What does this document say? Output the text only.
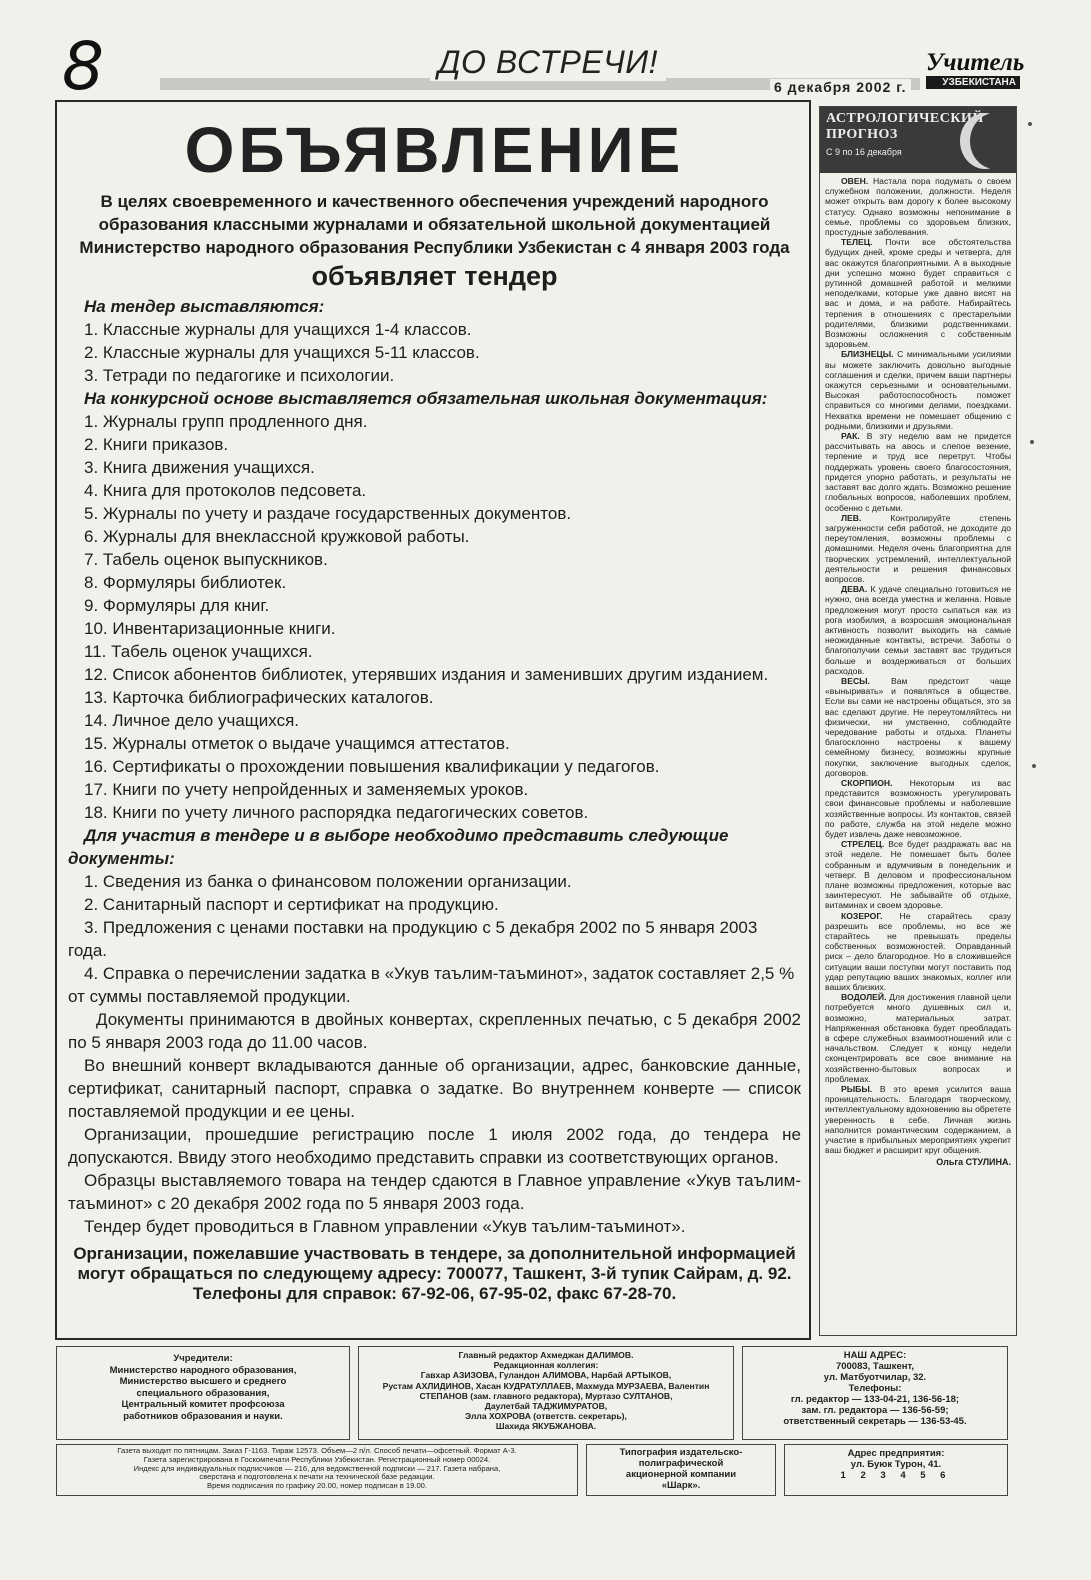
8	ДО ВСТРЕЧИ!
6 декабря 2002 г.
Учитель
УЗБЕКИСТАНА
ОБЪЯВЛЕНИЕ

В целях своевременного и качественного обеспечения учреждений народного

образования классными журналами и обязательной школьной документацией

Министерство народного образования Республики Узбекистан с 4 января 2003 года

объявляет тендер

На тендер выставляются:

1. Классные журналы для учащихся 1-4 классов.

2. Классные журналы для учащихся 5-11 классов.

3. Тетради по педагогике и психологии.

На конкурсной основе выставляется обязательная школьная документация:

1. Журналы групп продленного дня.

2. Книги приказов.

3. Книга движения учащихся.

4. Книга для протоколов педсовета.

5. Журналы по учету и раздаче государственных документов.

6. Журналы для внеклассной кружковой работы.

7. Табель оценок выпускников.

8. Формуляры библиотек.

9. Формуляры для книг.

10. Инвентаризационные книги.

11. Табель оценок учащихся.

12. Список абонентов библиотек, утерявших издания и заменивших другим изданием.

13. Карточка библиографических каталогов.

14. Личное дело учащихся.

15. Журналы отметок о выдаче учащимся аттестатов.

16. Сертификаты о прохождении повышения квалификации у педагогов.

17. Книги по учету непройденных и заменяемых уроков.

18. Книги по учету личного распорядка педагогических советов.

Для участия в тендере и в выборе необходимо представить следующие документы:

1. Сведения из банка о финансовом положении организации.

2. Санитарный паспорт и сертификат на продукцию.

3. Предложения с ценами поставки на продукцию с 5 декабря 2002 по 5 января 2003 года.

4. Справка о перечислении задатка в «Укув таълим-таъминот», задаток составляет 2,5 % от суммы поставляемой продукции.

Документы принимаются в двойных конвертах, скрепленных печатью, с 5 декабря 2002 по 5 января 2003 года до 11.00 часов.

Во внешний конверт вкладываются данные об организации, адрес, банковские данные, сертификат, санитарный паспорт, справка о задатке. Во внутреннем конверте — список поставляемой продукции и ее цены.

Организации, прошедшие регистрацию после 1 июля 2002 года, до тендера не допускаются. Ввиду этого необходимо представить справки из соответствующих органов.

Образцы выставляемого товара на тендер сдаются в Главное управление «Укув таълим-таъминот» с 20 декабря 2002 года по 5 января 2003 года.

Тендер будет проводиться в Главном управлении «Укув таълим-таъминот».

Организации, пожелавшие участвовать в тендере, за дополнительной информацией

могут обращаться по следующему адресу: 700077, Ташкент, 3-й тупик Сайрам, д. 92.

Телефоны для справок: 67-92-06, 67-95-02, факс 67-28-70.

АСТРОЛОГИЧЕСКИЙ
ПРОГНОЗ
С 9 по 16 декабря

ОВЕН. Настала пора подумать о своем служебном положении, должности. Неделя может открыть вам дорогу к более высокому статусу. Однако возможны непонимание в семье, проблемы со здоровьем близких, простудные заболевания.

ТЕЛЕЦ. Почти все обстоятельства будущих дней, кроме среды и четверга, для вас окажутся благоприятными. А в выходные дни успешно можно будет справиться с рутинной домашней работой и мелкими неподелками, которые уже давно висят на вас и дома, и на работе. Набирайтесь терпения в отношениях с престарелыми родителями, близкими родственниками. Возможны осложнения с собственным здоровьем.

БЛИЗНЕЦЫ. С минимальными усилиями вы можете заключить довольно выгодные соглашения и сделки, причем ваши партнеры окажутся серьезными и основательными. Высокая работоспособность поможет справиться со многими делами, поездками. Нехватка времени не помешает общению с родными, близкими и друзьями.

РАК. В эту неделю вам не придется рассчитывать на авось и слепое везение, терпение и труд все перетрут. Чтобы поддержать уровень своего благосостояния, придется упорно работать, и результаты не заставят вас долго ждать. Возможно решение глобальных вопросов, наболевших проблем, особенно с детьми.

ЛЕВ.	Контролируйте степень загруженности себя работой, не доходите до переутомления, возможны проблемы с домашними. Неделя очень благоприятна для творческих устремлений, интеллектуальной деятельности и решения финансовых вопросов.

ДЕВА. К удаче специально готовиться не нужно, она всегда уместна и желанна. Новые предложения могут просто сыпаться как из рога изобилия, а возросшая эмоциональная активность позволит выходить на самые неожиданные контакты, встречи. Заботы о благополучии семьи заставят вас трудиться больше и воздерживаться от больших расходов.

ВЕСЫ. Вам предстоит чаще «выныривать» и появляться в обществе. Если вы сами не настроены общаться, это за вас сделают другие. Не переутомляйтесь ни физически, ни умственно, соблюдайте чередование работы и отдыха. Планеты благосклонно настроены к вашему семейному бизнесу, возможны крупные покупки, заключение выгодных сделок, договоров.

СКОРПИОН. Некоторым из вас представится возможность урегулировать свои финансовые проблемы и наболевшие хозяйственные вопросы. Из контактов, связей по работе, служба на этой неделе можно будет извлечь даже невозможное.

СТРЕЛЕЦ. Все будет раздражать вас на этой неделе. Не помешает быть более собранным и вдумчивым в понедельник и четверг. В деловом и профессиональном плане возможны предложения, которые вас заинтересуют. Не забывайте об отдыхе, витаминах и своем здоровье.

КОЗЕРОГ. Не старайтесь сразу разрешить все проблемы, но все же старайтесь не превышать пределы собственных возможностей. Оправданный риск – дело благородное. Но в сложившейся ситуации ваши поступки могут поставить под удар репутацию ваших знакомых, коллег или ваших близких.

ВОДОЛЕЙ. Для достижения главной цели потребуется много душевных сил и, возможно, материальных затрат. Напряженная обстановка будет преобладать в сфере служебных взаимоотношений или с начальством. Следует к концу недели сконцентрировать все свое внимание на хозяйственно-бытовых вопросах и проблемах.

РЫБЫ. В это время усилится ваша проницательность. Благодаря творческому, интеллектуальному вдохновению вы обретете уверенность в себе. Личная жизнь наполнится романтическим содержанием, а участие в прибыльных мероприятиях укрепит ваш бюджет и расширит круг общения.

Ольга СТУЛИНА.

Учредители:

Министерство народного образования,

Министерство высшего и среднего

специального образования,

Центральный комитет профсоюза

работников образования и науки.

Главный редактор Ахмеджан ДАЛИМОВ.

Редакционная коллегия:

Гавхар АЗИЗОВА, Гуландон АЛИМОВА, Нарбай АРТЫКОВ,

Рустам АХЛИДИНОВ, Хасан КУДРАТУЛЛАЕВ, Махмуда МУРЗАЕВА, Валентин

СТЕПАНОВ (зам. главного редактора), Муртазо СУЛТАНОВ,

Даулетбай ТАДЖИМУРАТОВ,

Элла ХОХРОВА (ответств. секретарь),

Шахида ЯКУБЖАНОВА.

НАШ АДРЕС:

700083, Ташкент,

ул. Матбуотчилар, 32.

Телефоны:

гл. редактор — 133-04-21, 136-56-18;

зам. гл. редактора — 136-56-59;

ответственный секретарь — 136-53-45.

Газета выходит по пятницам. Заказ Г-1163. Тираж 12573. Объем—2 п/л. Способ печати—офсетный. Формат А-3.

Газета зарегистрирована в Госкомпечати Республики Узбекистан. Регистрационный номер 00024.

Индекс для индивидуальных подписчиков — 216, для ведомственной подписки — 217. Газета набрана,

сверстана и подготовлена к печати на технической базе редакции.

Время подписания по графику 20.00, номер подписан в 19.00.

Типография издательско-

полиграфической

акционерной компании

«Шарк».

Адрес предприятия:

ул. Буюк Турон, 41.

1 2 3 4 5 6
